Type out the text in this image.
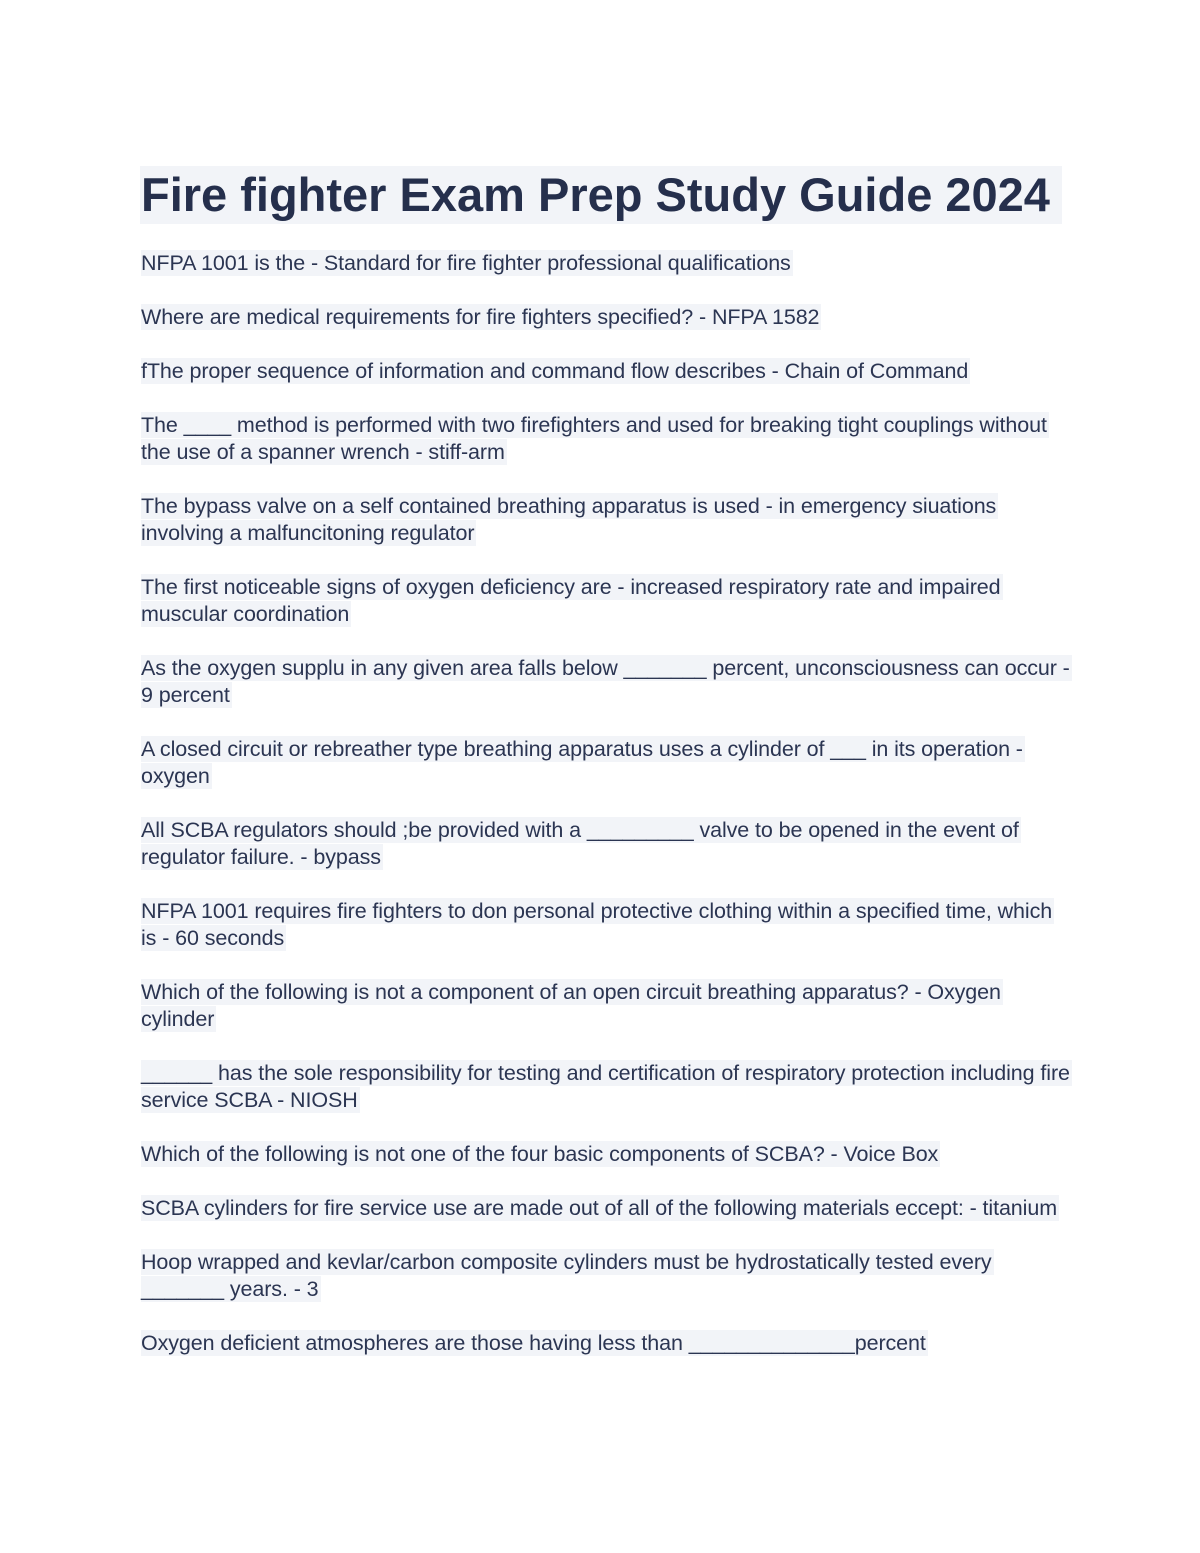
Fire fighter Exam Prep Study Guide 2024

NFPA 1001 is the - Standard for fire fighter professional qualifications

Where are medical requirements for fire fighters specified? - NFPA 1582

fThe proper sequence of information and command flow describes - Chain of Command

The ____ method is performed with two firefighters and used for breaking tight couplings without the use of a spanner wrench - stiff-arm

The bypass valve on a self contained breathing apparatus is used - in emergency siuations involving a malfuncitoning regulator

The first noticeable signs of oxygen deficiency are - increased respiratory rate and impaired muscular coordination

As the oxygen supplu in any given area falls below _______ percent, unconsciousness can occur - 9 percent

A closed circuit or rebreather type breathing apparatus uses a cylinder of ___ in its operation - oxygen

All SCBA regulators should ;be provided with a _________ valve to be opened in the event of regulator failure. - bypass

NFPA 1001 requires fire fighters to don personal protective clothing within a specified time, which is - 60 seconds

Which of the following is not a component of an open circuit breathing apparatus? - Oxygen cylinder

______ has the sole responsibility for testing and certification of respiratory protection including fire service SCBA - NIOSH

Which of the following is not one of the four basic components of SCBA? - Voice Box

SCBA cylinders for fire service use are made out of all of the following materials eccept: - titanium

Hoop wrapped and kevlar/carbon composite cylinders must be hydrostatically tested every _______ years. - 3

Oxygen deficient atmospheres are those having less than ______________percent
